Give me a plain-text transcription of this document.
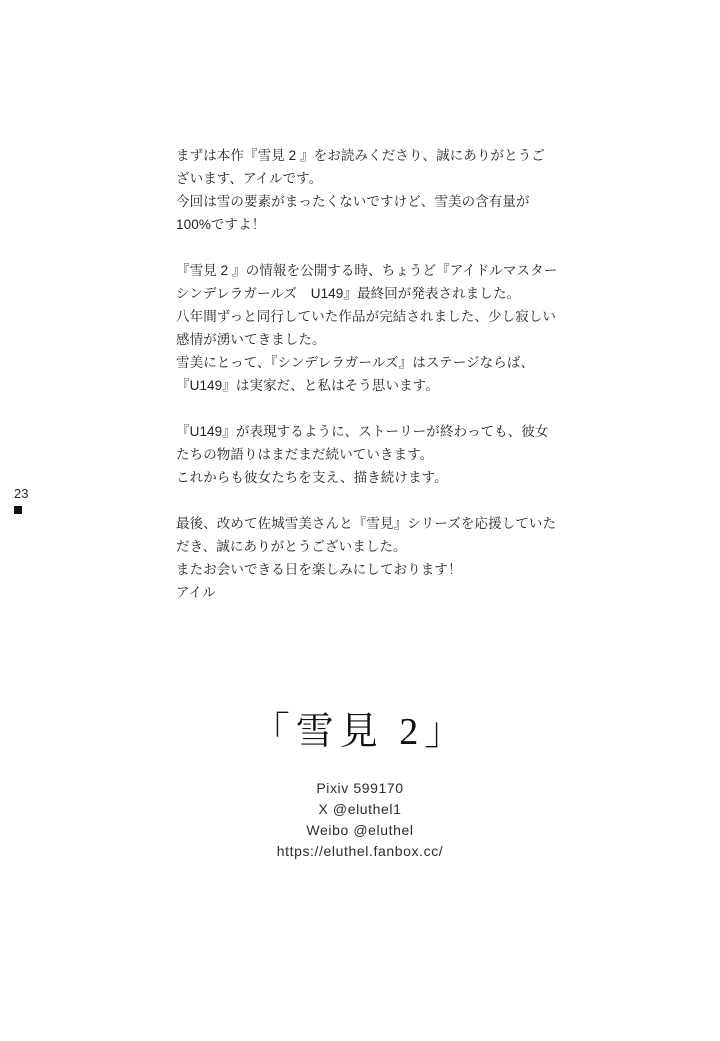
23

まずは本作『雪見 2 』をお読みくださり、誠にありがとうございます、アイルです。

今回は雪の要素がまったくないですけど、雪美の含有量が100%ですよ！

『雪見 2 』の情報を公開する時、ちょうど『アイドルマスターシンデレラガールズ　U149』最終回が発表されました。

八年間ずっと同行していた作品が完結されました、少し寂しい感情が湧いてきました。

雪美にとって、『シンデレラガールズ』はステージならば、『U149』は実家だ、と私はそう思います。

『U149』が表現するように、ストーリーが終わっても、彼女たちの物語りはまだまだ続いていきます。

これからも彼女たちを支え、描き続けます。

最後、改めて佐城雪美さんと『雪見』シリーズを応援していただき、誠にありがとうございました。

またお会いできる日を楽しみにしております！

アイル

「雪見 2」
Pixiv 599170
X @eluthel1
Weibo @eluthel
https://eluthel.fanbox.cc/
